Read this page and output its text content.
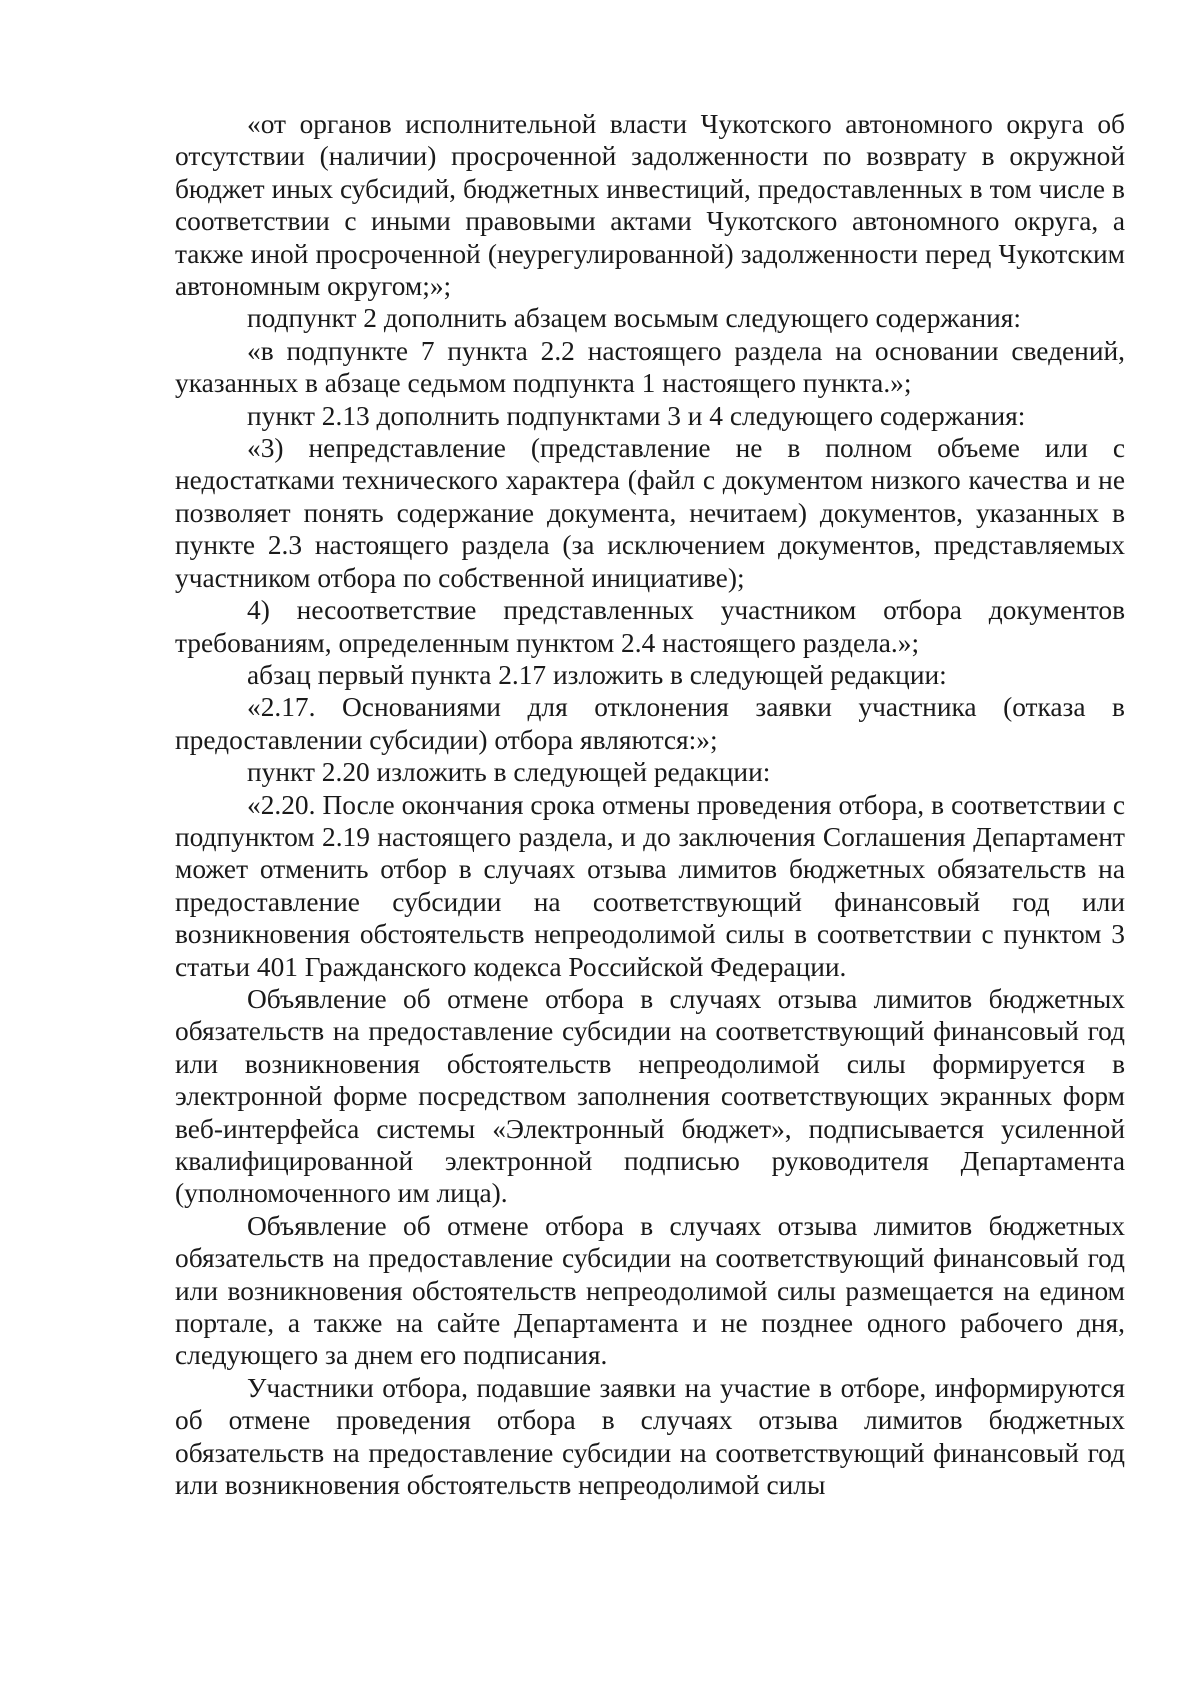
«от органов исполнительной власти Чукотского автономного округа об отсутствии (наличии) просроченной задолженности по возврату в окружной бюджет иных субсидий, бюджетных инвестиций, предоставленных в том числе в соответствии с иными правовыми актами Чукотского автономного округа, а также иной просроченной (неурегулированной) задолженности перед Чукотским автономным округом;»;

подпункт 2 дополнить абзацем восьмым следующего содержания:

«в подпункте 7 пункта 2.2 настоящего раздела на основании сведений, указанных в абзаце седьмом подпункта 1 настоящего пункта.»;

пункт 2.13 дополнить подпунктами 3 и 4 следующего содержания:

«3) непредставление (представление не в полном объеме или с недостатками технического характера (файл с документом низкого качества и не позволяет понять содержание документа, нечитаем) документов, указанных в пункте 2.3 настоящего раздела (за исключением документов, представляемых участником отбора по собственной инициативе);

4) несоответствие представленных участником отбора документов требованиям, определенным пунктом 2.4 настоящего раздела.»;

абзац первый пункта 2.17 изложить в следующей редакции:

«2.17. Основаниями для отклонения заявки участника (отказа в предоставлении субсидии) отбора являются:»;

пункт 2.20 изложить в следующей редакции:

«2.20. После окончания срока отмены проведения отбора, в соответствии с подпунктом 2.19 настоящего раздела, и до заключения Соглашения Департамент может отменить отбор в случаях отзыва лимитов бюджетных обязательств на предоставление субсидии на соответствующий финансовый год или возникновения обстоятельств непреодолимой силы в соответствии с пунктом 3 статьи 401 Гражданского кодекса Российской Федерации.

Объявление об отмене отбора в случаях отзыва лимитов бюджетных обязательств на предоставление субсидии на соответствующий финансовый год или возникновения обстоятельств непреодолимой силы формируется в электронной форме посредством заполнения соответствующих экранных форм веб-интерфейса системы «Электронный бюджет», подписывается усиленной квалифицированной электронной подписью руководителя Департамента (уполномоченного им лица).

Объявление об отмене отбора в случаях отзыва лимитов бюджетных обязательств на предоставление субсидии на соответствующий финансовый год или возникновения обстоятельств непреодолимой силы размещается на едином портале, а также на сайте Департамента и не позднее одного рабочего дня, следующего за днем его подписания.

Участники отбора, подавшие заявки на участие в отборе, информируются об отмене проведения отбора в случаях отзыва лимитов бюджетных обязательств на предоставление субсидии на соответствующий финансовый год или возникновения обстоятельств непреодолимой силы
